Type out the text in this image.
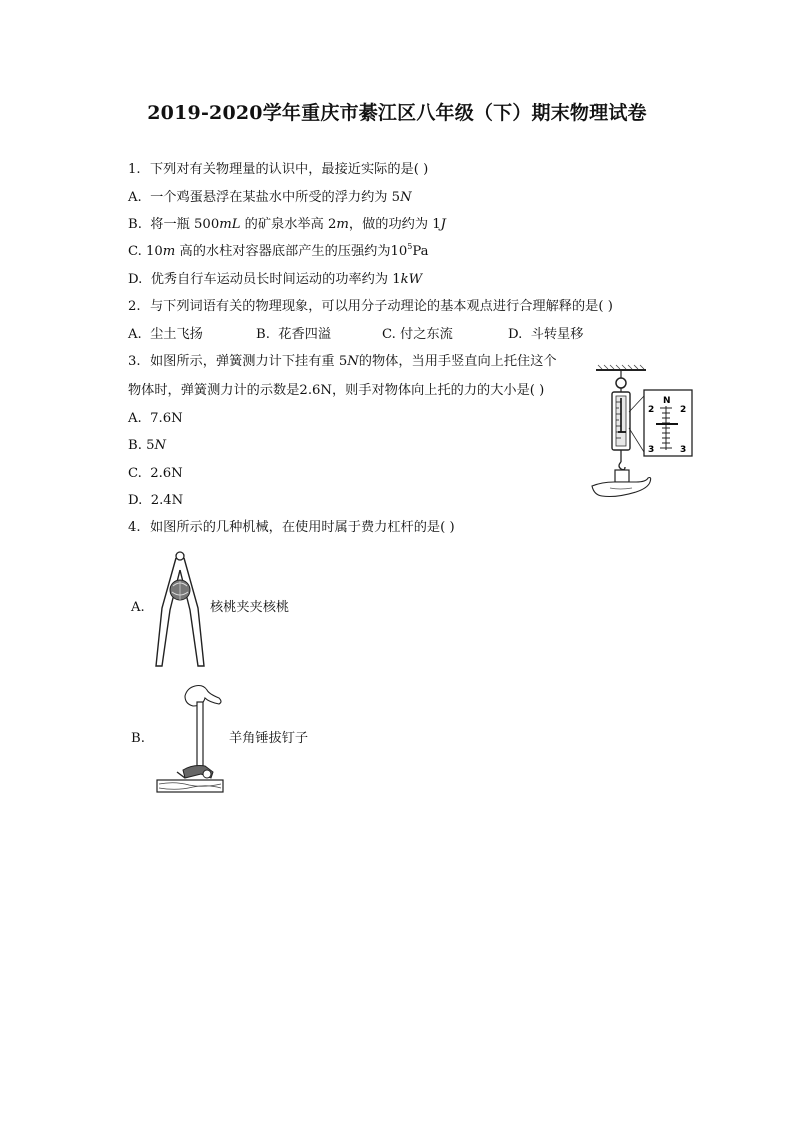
2019-2020学年重庆市綦江区八年级（下）期末物理试卷
1. 下列对有关物理量的认识中，最接近实际的是( )
A. 一个鸡蛋悬浮在某盐水中所受的浮力约为 5N
B. 将一瓶 500mL 的矿泉水举高 2m，做的功约为 1J
C. 10m 高的水柱对容器底部产生的压强约为$10^5Pa$
D. 优秀自行车运动员长时间运动的功率约为 1kW
2. 与下列词语有关的物理现象，可以用分子动理论的基本观点进行合理解释的是( )
A. 尘土飞扬	B. 花香四溢	C. 付之东流	D. 斗转星移
3. 如图所示，弹簧测力计下挂有重 5N的物体，当用手竖直向上托住这个
物体时，弹簧测力计的示数是2.6N，则手对物体向上托的力的大小是( )
A. 7.6N
B. 5N
C. 2.6N
D. 2.4N
N
2	2
3	3
4. 如图所示的几种机械，在使用时属于费力杠杆的是( )
A.	核桃夹夹核桃
B.	羊角锤拔钉子
